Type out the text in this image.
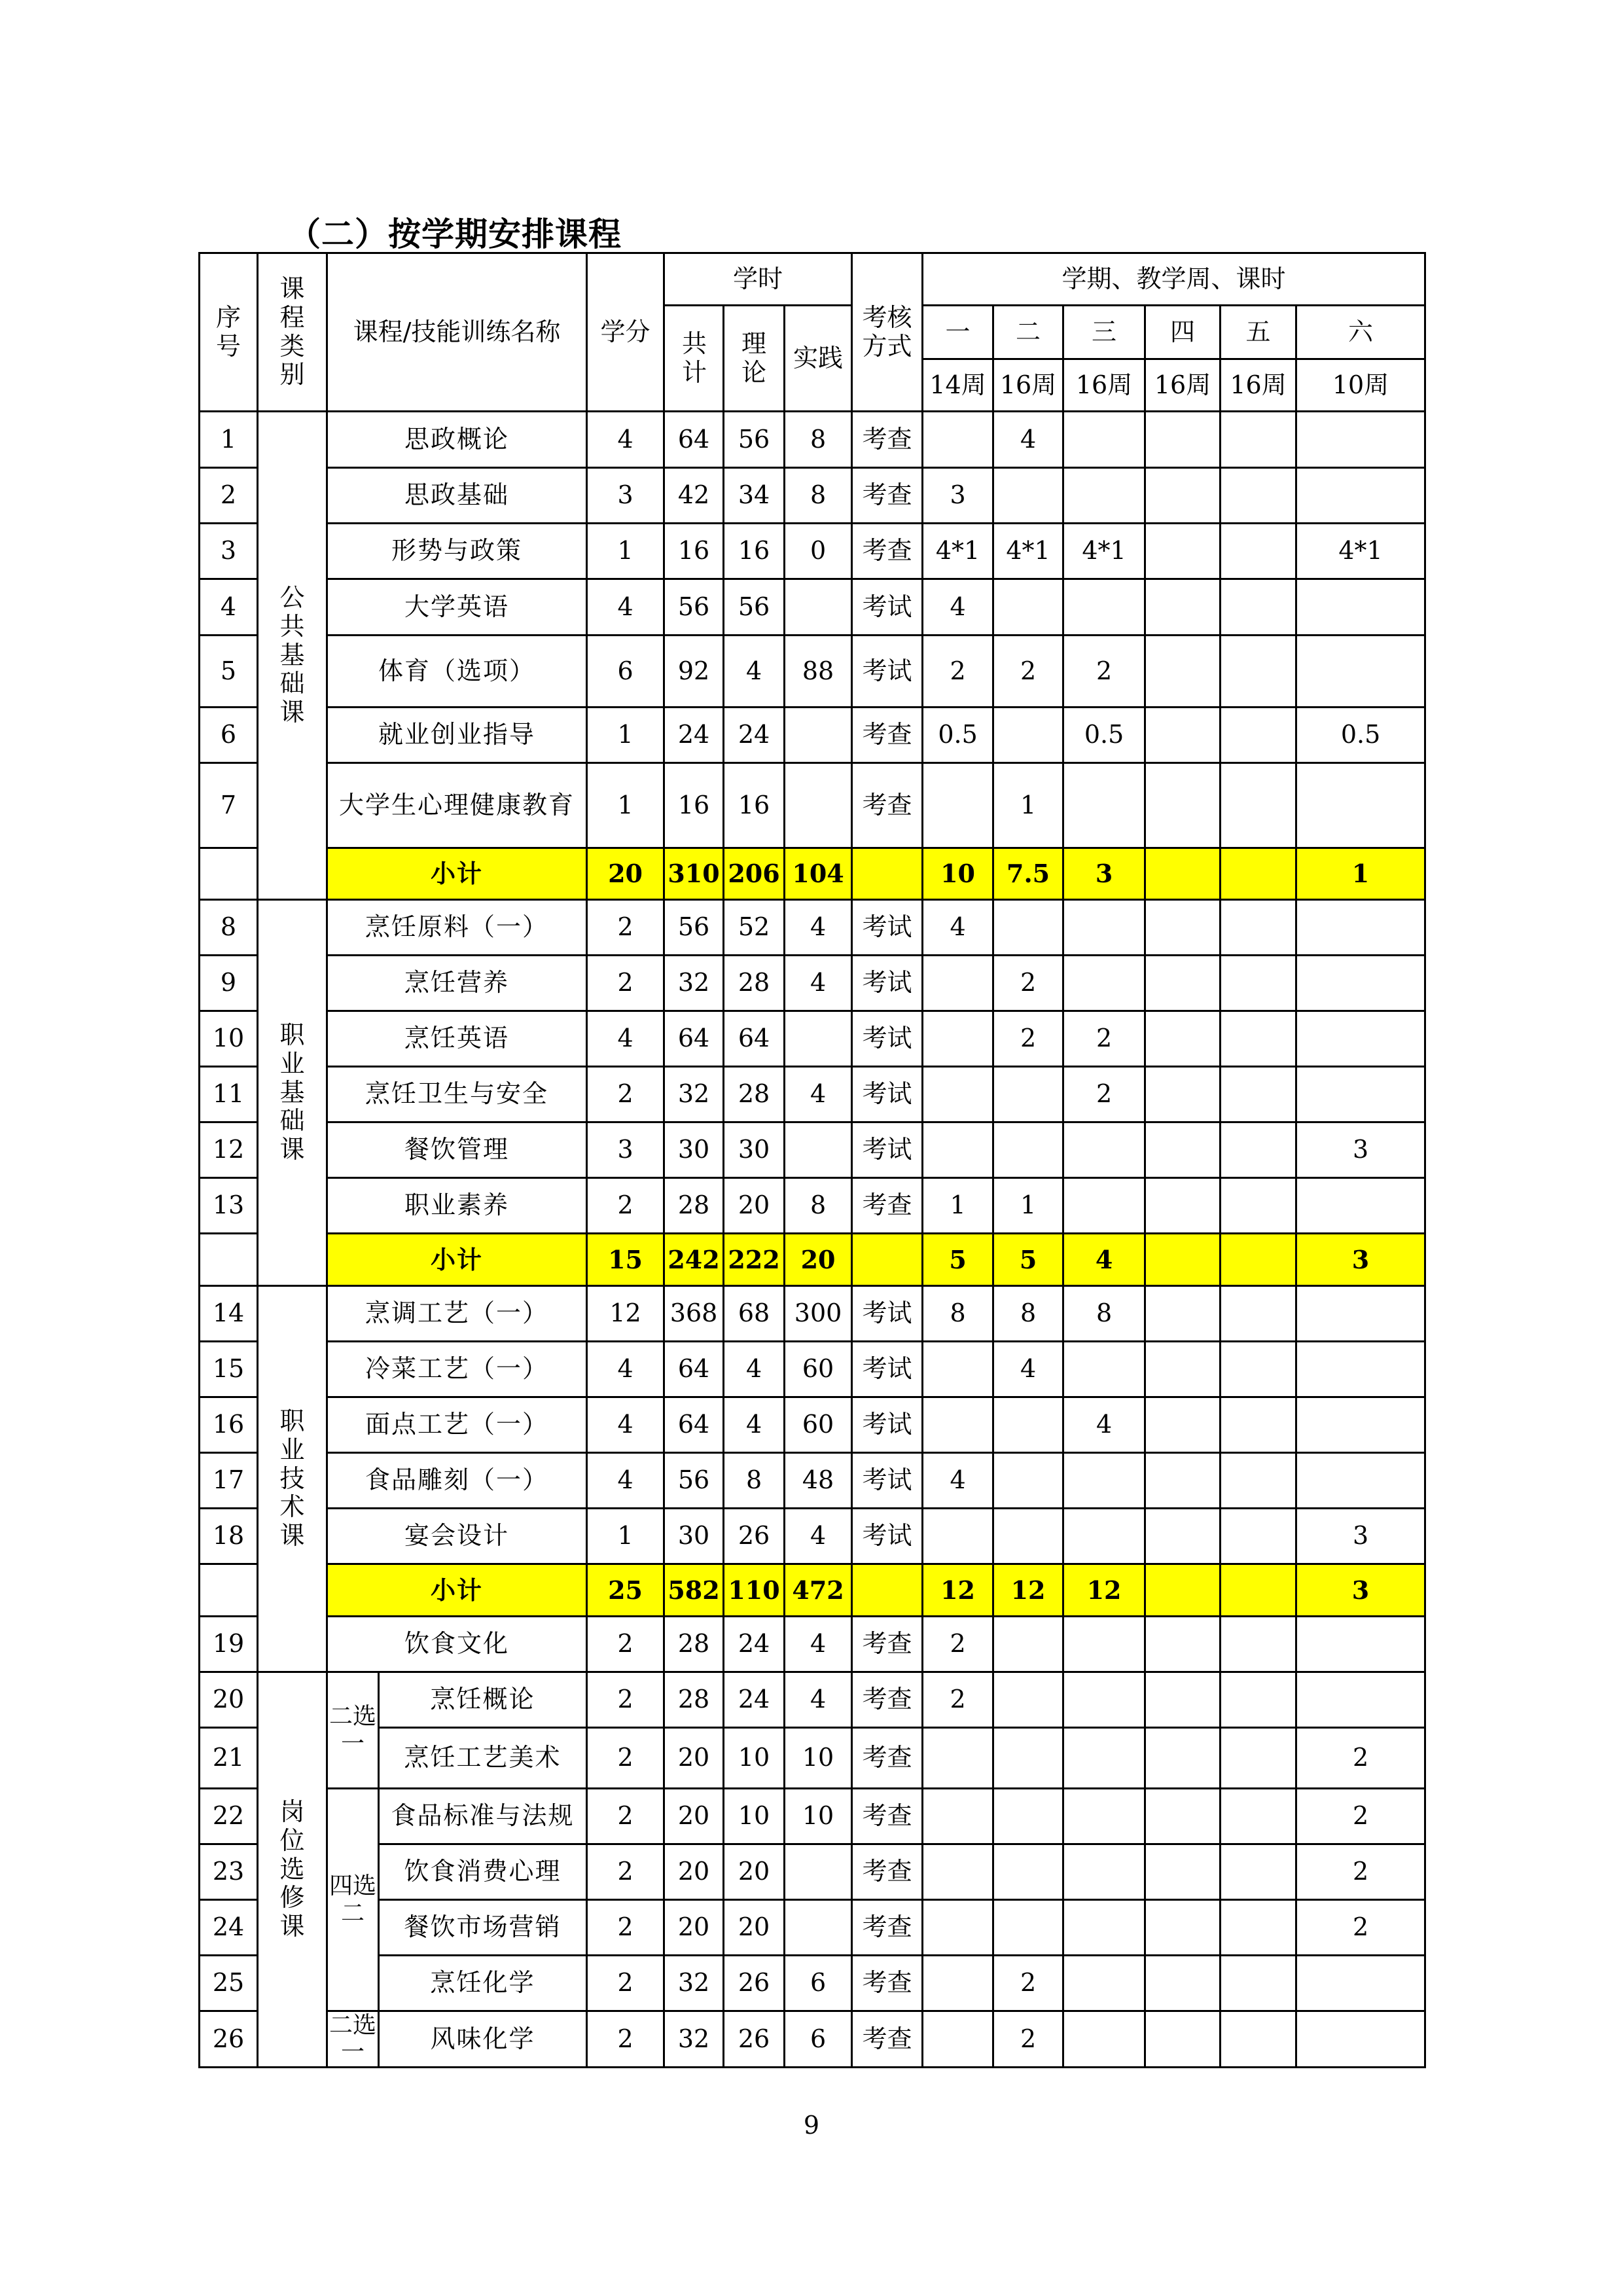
（二）按学期安排课程
序号	课程类别	课程/技能训练名称		学分	学时			考核方式	学期、教学周、课时					
					共计	理论	实践		一	二	三	四	五	六
									14周	16周	16周	16周	16周	10周
1	公共基础课	思政概论		4	64	56	8	考查		4				
2		思政基础		3	42	34	8	考查	3					
3		形势与政策		1	16	16	0	考查	4*1	4*1	4*1			4*1
4		大学英语		4	56	56		考试	4					
5		体育（选项）		6	92	4	88	考试	2	2	2			
6		就业创业指导		1	24	24		考查	0.5		0.5			0.5
7		大学生心理健康教育		1	16	16		考查		1				
		小计		20	310	206	104		10	7.5	3			1
8	职业基础课	烹饪原料（一）		2	56	52	4	考试	4					
9		烹饪营养		2	32	28	4	考试		2				
10		烹饪英语		4	64	64		考试		2	2			
11		烹饪卫生与安全		2	32	28	4	考试			2			
12		餐饮管理		3	30	30		考试						3
13		职业素养		2	28	20	8	考查	1	1				
		小计		15	242	222	20		5	5	4			3
14	职业技术课	烹调工艺（一）		12	368	68	300	考试	8	8	8			
15		冷菜工艺（一）		4	64	4	60	考试		4				
16		面点工艺（一）		4	64	4	60	考试			4			
17		食品雕刻（一）		4	56	8	48	考试	4					
18		宴会设计		1	30	26	4	考试						3
		小计		25	582	110	472		12	12	12			3
19		饮食文化		2	28	24	4	考查	2					
20	岗位选修课	二选一	烹饪概论	2	28	24	4	考查	2					
21			烹饪工艺美术	2	20	10	10	考查						2
22		四选二	食品标准与法规	2	20	10	10	考查						2
23			饮食消费心理	2	20	20		考查						2
24			餐饮市场营销	2	20	20		考查						2
25			烹饪化学	2	32	26	6	考查		2				
26		二选一	风味化学	2	32	26	6	考查		2				
9
